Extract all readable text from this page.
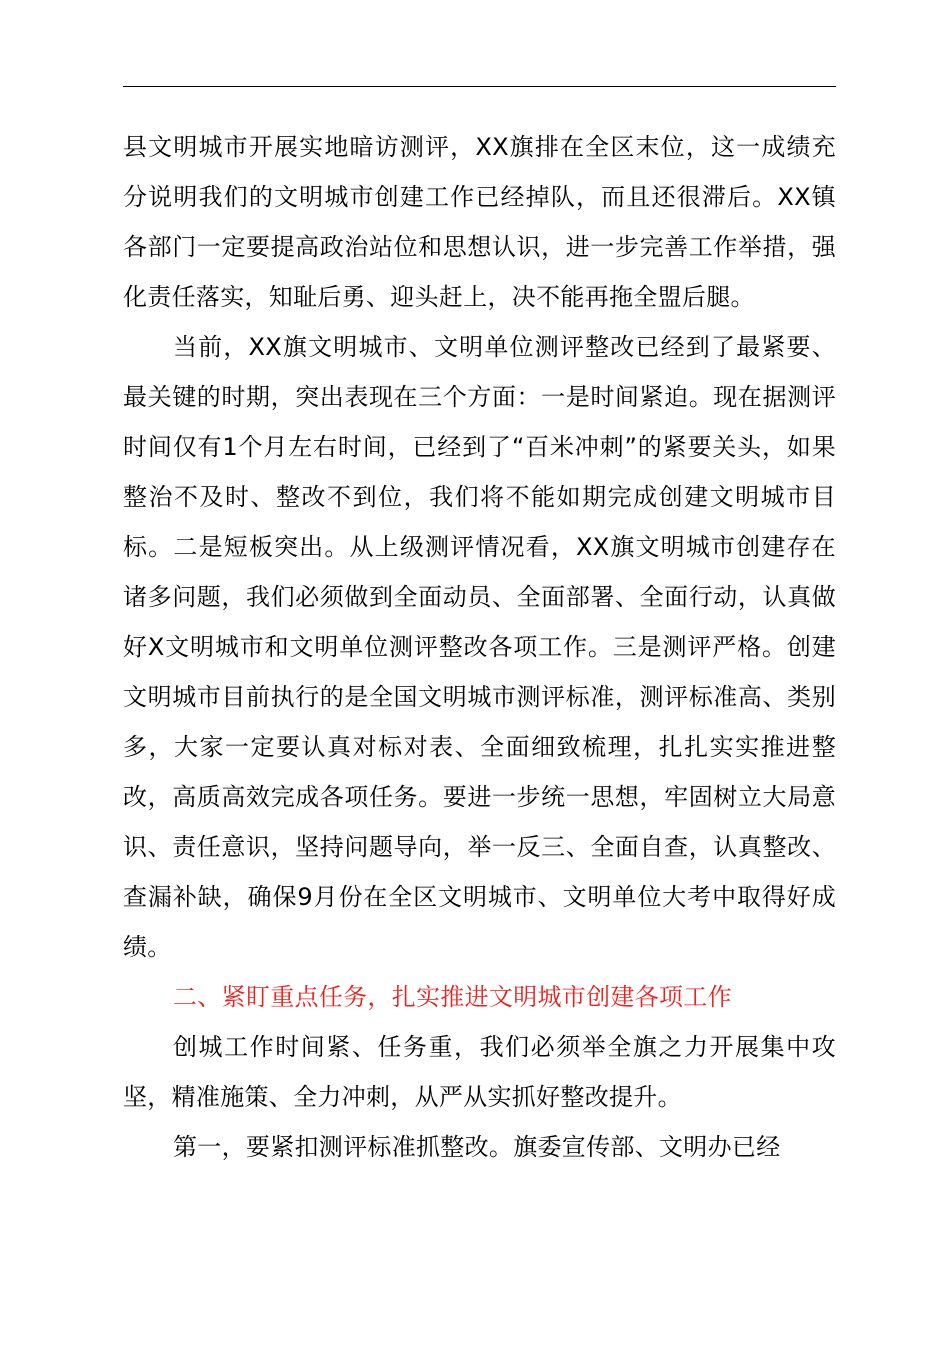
县文明城市开展实地暗访测评，XX旗排在全区末位，这一成绩充分说明我们的文明城市创建工作已经掉队，而且还很滞后。XX镇各部门一定要提高政治站位和思想认识，进一步完善工作举措，强化责任落实，知耻后勇、迎头赶上，决不能再拖全盟后腿。

当前，XX旗文明城市、文明单位测评整改已经到了最紧要、最关键的时期，突出表现在三个方面：一是时间紧迫。现在据测评时间仅有1个月左右时间，已经到了“百米冲刺”的紧要关头，如果整治不及时、整改不到位，我们将不能如期完成创建文明城市目标。二是短板突出。从上级测评情况看，XX旗文明城市创建存在诸多问题，我们必须做到全面动员、全面部署、全面行动，认真做好X文明城市和文明单位测评整改各项工作。三是测评严格。创建文明城市目前执行的是全国文明城市测评标准，测评标准高、类别多，大家一定要认真对标对表、全面细致梳理，扎扎实实推进整改，高质高效完成各项任务。要进一步统一思想，牢固树立大局意识、责任意识，坚持问题导向，举一反三、全面自查，认真整改、查漏补缺，确保9月份在全区文明城市、文明单位大考中取得好成绩。

二、紧盯重点任务，扎实推进文明城市创建各项工作

创城工作时间紧、任务重，我们必须举全旗之力开展集中攻坚，精准施策、全力冲刺，从严从实抓好整改提升。

第一，要紧扣测评标准抓整改。旗委宣传部、文明办已经
